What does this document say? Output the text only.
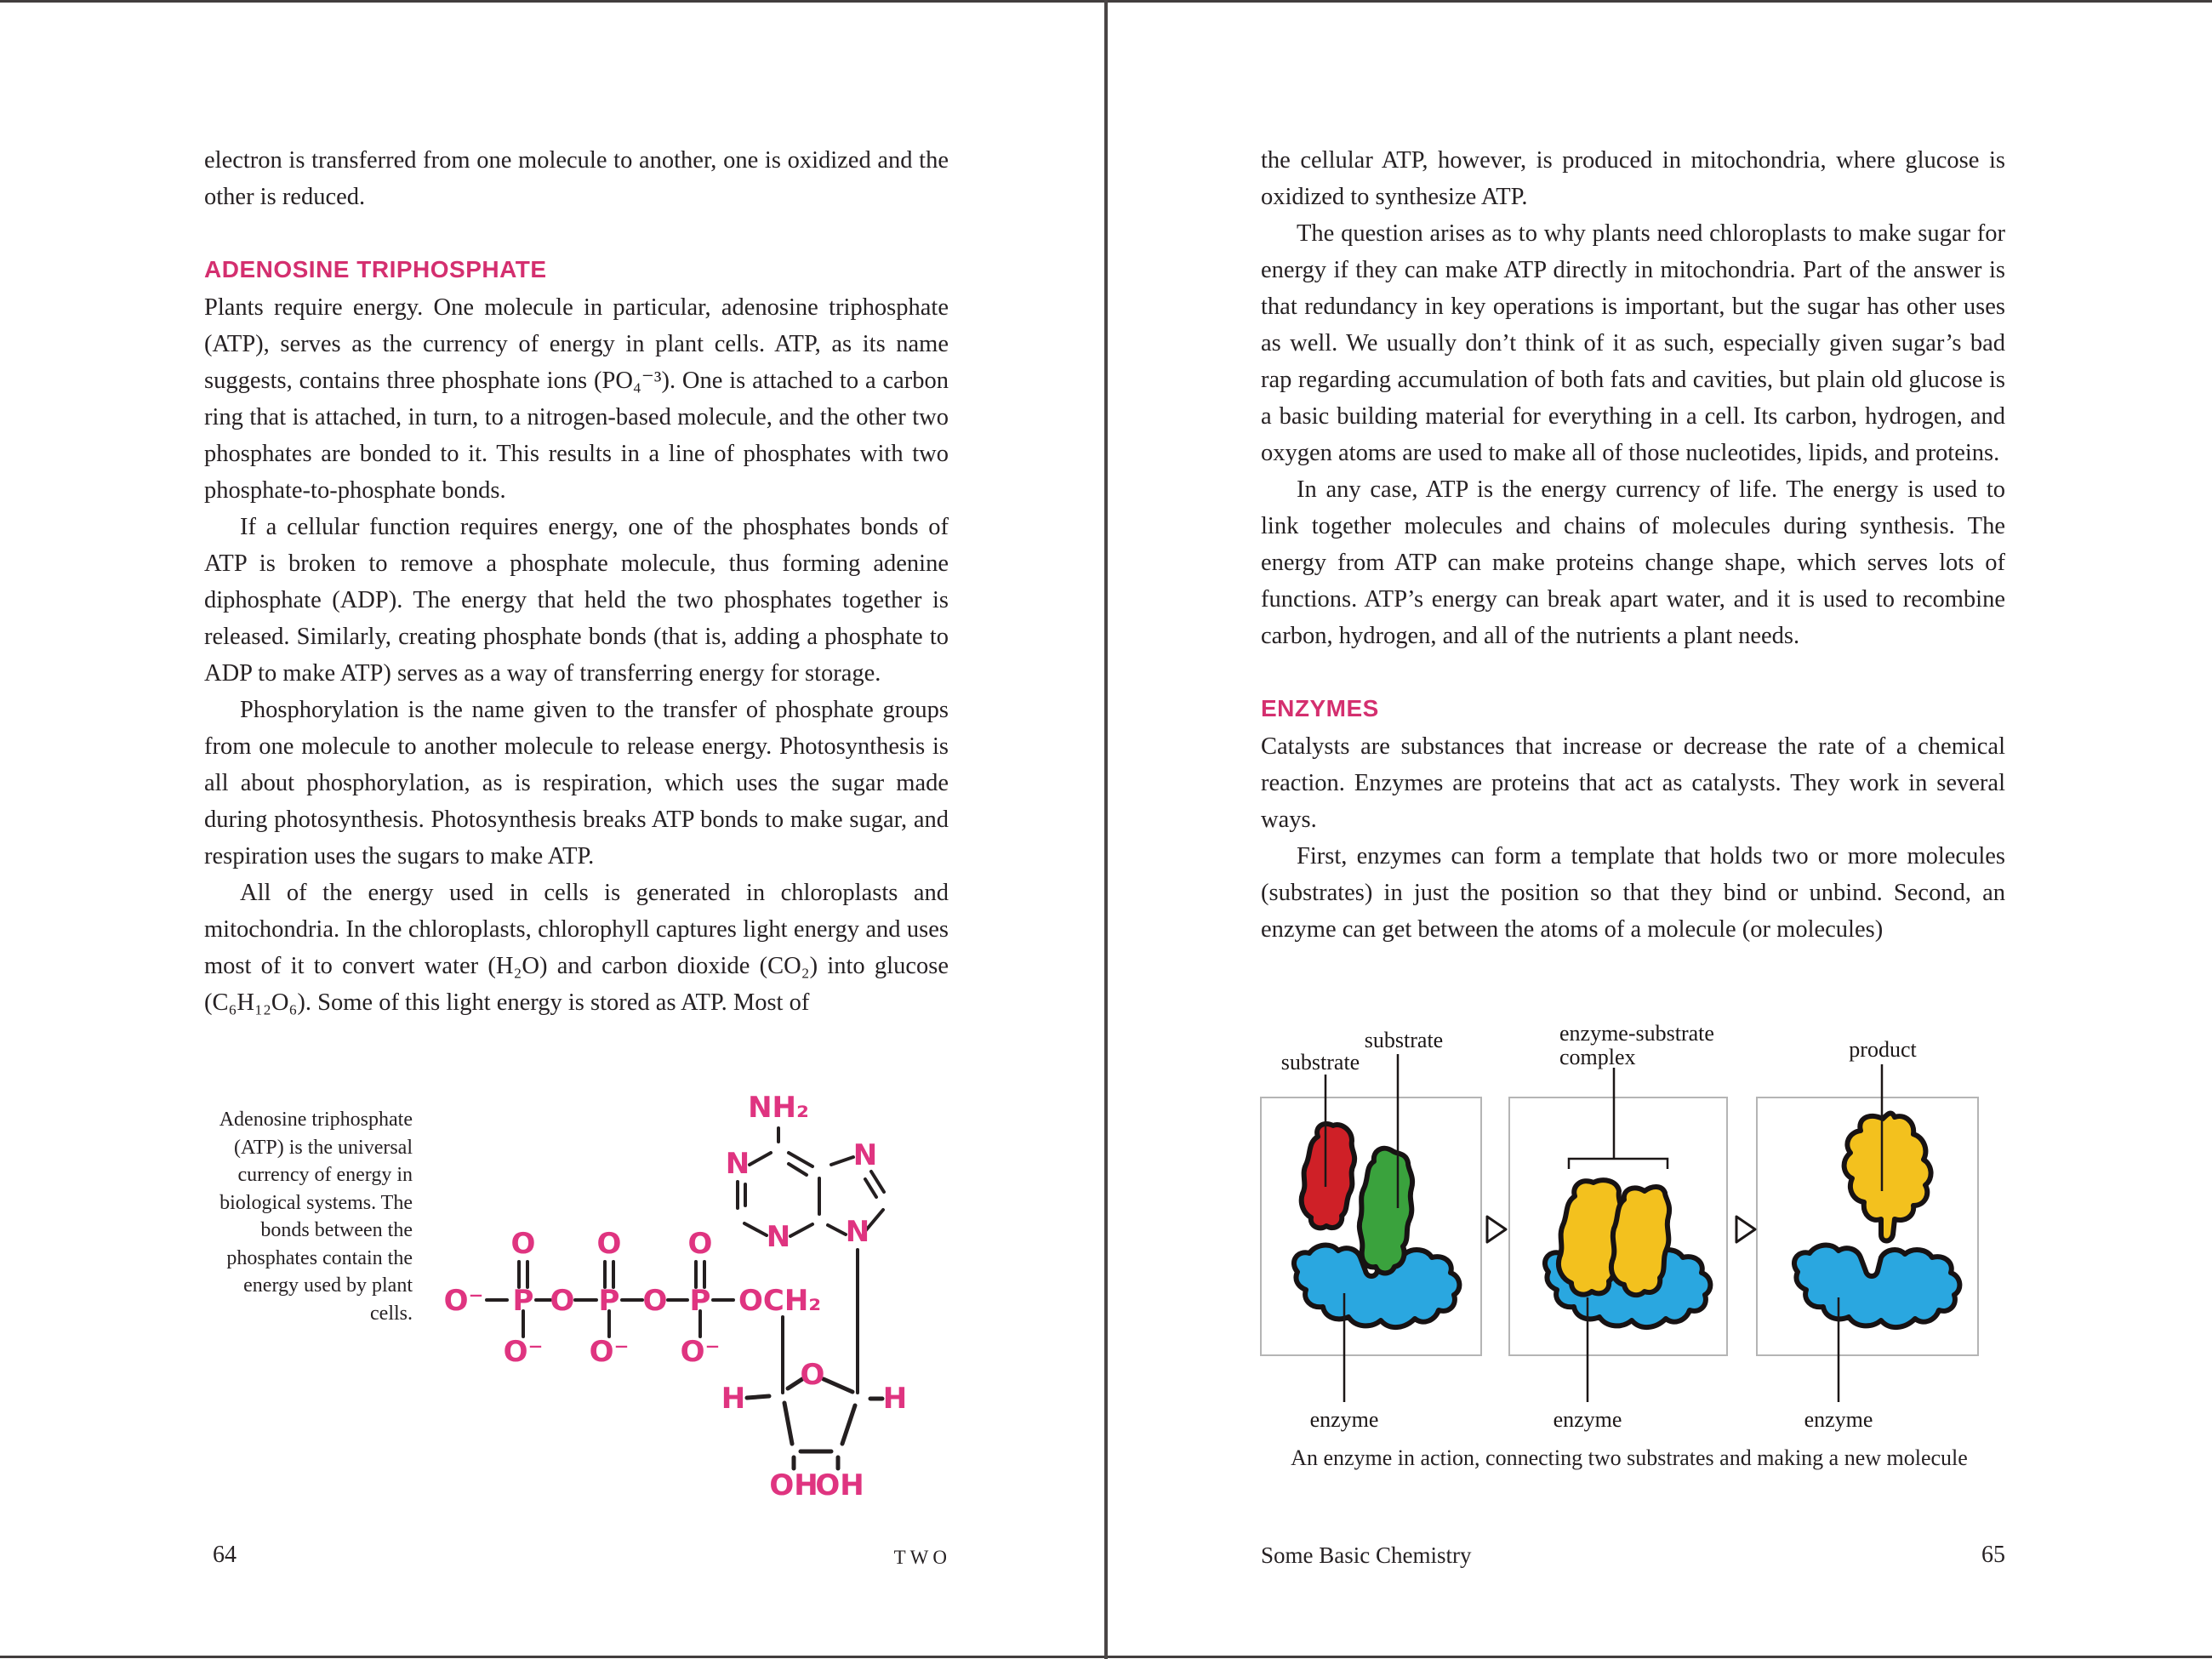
electron is transferred from one molecule to another, one is oxidized and the other is reduced.

ADENOSINE TRIPHOSPHATE

Plants require energy. One molecule in particular, adenosine triphosphate (ATP), serves as the currency of energy in plant cells. ATP, as its name suggests, contains three phosphate ions (PO₄⁻³). One is attached to a carbon ring that is attached, in turn, to a nitrogen-based molecule, and the other two phosphates are bonded to it. This results in a line of phosphates with two phosphate-to-phosphate bonds.

If a cellular function requires energy, one of the phosphates bonds of ATP is broken to remove a phosphate molecule, thus forming adenine diphosphate (ADP). The energy that held the two phosphates together is released. Similarly, creating phosphate bonds (that is, adding a phosphate to ADP to make ATP) serves as a way of transferring energy for storage.

Phosphorylation is the name given to the transfer of phosphate groups from one molecule to another molecule to release energy. Photosynthesis is all about phosphorylation, as is respiration, which uses the sugar made during photosynthesis. Photosynthesis breaks ATP bonds to make sugar, and respiration uses the sugars to make ATP.

All of the energy used in cells is generated in chloroplasts and mitochondria. In the chloroplasts, chlorophyll captures light energy and uses most of it to convert water (H₂O) and carbon dioxide (CO₂) into glucose (C₆H₁₂O₆). Some of this light energy is stored as ATP. Most of

Adenosine triphosphate (ATP) is the universal currency of energy in biological systems. The bonds between the phosphates contain the energy used by plant cells.
NH₂
N
N
N
N
O⁻ P O P O P OCH₂
O O O
O⁻ O⁻ O⁻
O
H	H
OH
OH
64	TWO

the cellular ATP, however, is produced in mitochondria, where glucose is oxidized to synthesize ATP.

The question arises as to why plants need chloroplasts to make sugar for energy if they can make ATP directly in mitochondria. Part of the answer is that redundancy in key operations is important, but the sugar has other uses as well. We usually don’t think of it as such, especially given sugar’s bad rap regarding accumulation of both fats and cavities, but plain old glucose is a basic building material for everything in a cell. Its carbon, hydrogen, and oxygen atoms are used to make all of those nucleotides, lipids, and proteins.

In any case, ATP is the energy currency of life. The energy is used to link together molecules and chains of molecules during synthesis. The energy from ATP can make proteins change shape, which serves lots of functions. ATP’s energy can break apart water, and it is used to recombine carbon, hydrogen, and all of the nutrients a plant needs.

ENZYMES

Catalysts are substances that increase or decrease the rate of a chemical reaction. Enzymes are proteins that act as catalysts. They work in several ways.

First, enzymes can form a template that holds two or more molecules (substrates) in just the position so that they bind or unbind. Second, an enzyme can get between the atoms of a molecule (or molecules)

substrate
substrate	enzyme-substrate
complex	product
enzyme	enzyme	enzyme
An enzyme in action, connecting two substrates and making a new molecule
Some Basic Chemistry	65
